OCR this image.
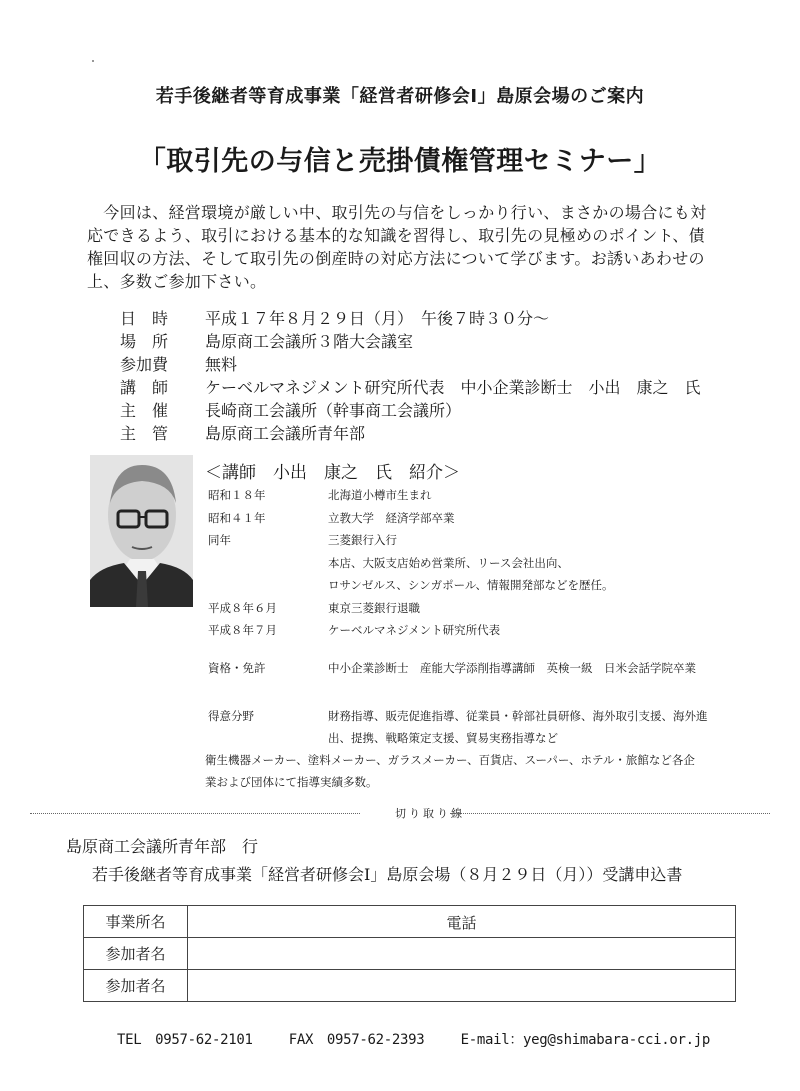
若手後継者等育成事業「経営者研修会Ⅰ」島原会場のご案内
「取引先の与信と売掛債権管理セミナー」
　今回は、経営環境が厳しい中、取引先の与信をしっかり行い、まさかの場合にも対
応できるよう、取引における基本的な知識を習得し、取引先の見極めのポイント、債
権回収の方法、そして取引先の倒産時の対応方法について学びます。お誘いあわせの
上、多数ご参加下さい。
日　時	平成１７年８月２９日（月）　午後７時３０分～
場　所	島原商工会議所３階大会議室
参加費	無料
講　師	ケーベルマネジメント研究所代表　中小企業診断士　小出　康之　氏
主　催	長崎商工会議所（幹事商工会議所）
主　管	島原商工会議所青年部
＜講師　小出　康之　氏　紹介＞
昭和１８年	北海道小樽市生まれ
昭和４１年	立教大学　経済学部卒業
同年	三菱銀行入行
本店、大阪支店始め営業所、リース会社出向、
ロサンゼルス、シンガポール、情報開発部などを歴任。
平成８年６月	東京三菱銀行退職
平成８年７月	ケーベルマネジメント研究所代表
資格・免許	中小企業診断士　産能大学添削指導講師　英検一級　日米会話学院卒業
得意分野	財務指導、販売促進指導、従業員・幹部社員研修、海外取引支援、海外進
出、提携、戦略策定支援、貿易実務指導など
衛生機器メーカー、塗料メーカー、ガラスメーカー、百貨店、スーパー、ホテル・旅館など各企
業および団体にて指導実績多数。
切り取り線
島原商工会議所青年部　行
若手後継者等育成事業「経営者研修会Ⅰ」島原会場（８月２９日（月））受講申込書
事業所名	電話

参加者名	
参加者名	
TEL　0957-62-2101	FAX　0957-62-2393	E-mail：yeg@shimabara-cci.or.jp
